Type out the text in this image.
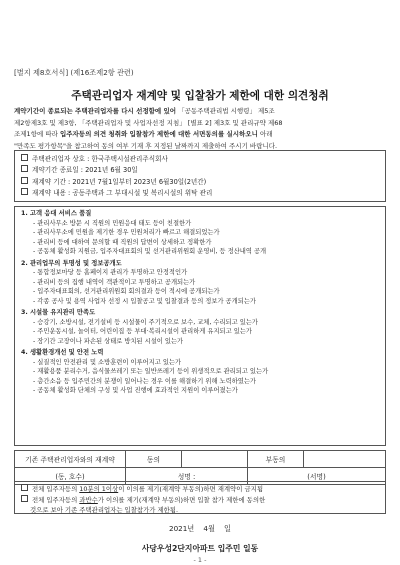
[별지 제8호서식] (제16조제2항 관련)
주택관리업자 재계약 및 입찰참가 제한에 대한 의견청취
계약기간이 종료되는 주택관리업자를 다시 선정함에 있어 「공동주택관리법 시행령」 제5조
제2항제3호 및 제3항, 「주택관리업자 및 사업자선정 지침」 [별표 2] 제3호 및 관리규약 제68
조제1항에 따라 입주자등의 의견 청취와 입찰참가 제한에 대한 서면동의를 실시하오니 아래
"만족도 평가항목"을 참고하여 동의 여부 기재 후 지정된 날짜까지 제출하여 주시기 바랍니다.
주택관리업자 상호 : 한국주택시설관리주식회사
계약기간 종료일 : 2021년 6월 30일
재계약 기간 : 2021년 7월1일부터 2023년 6월30일(2년간)
재계약 내용 : 공동주택과 그 부대시설 및 복리시설의 위탁 관리
1. 고객 응대 서비스 품질
- 관리사무소 방문 시 직원의 민원응대 태도 등이 친절한가
- 관리사무소에 민원을 제기한 경우 민원처리가 빠르고 해결되었는가
- 관리비 등에 대하여 문의할 때 직원의 답변이 상세하고 정확한가
- 공동체 활성화 지원금, 입주자대표회의 및 선거관리위원회 운영비, 등 정산내역 공개
2. 관리업무의 투명성 및 정보공개도
- 통합정보마당 등 홈페이지 관리가 투명하고 안정적인가
- 관리비 등의 집행 내역이 객관적이고 투명하고 공개되는가
- 입주자대표회의, 선거관리위원회 회의결과 등이 적시에 공개되는가
- 각종 공사 및 용역 사업자 선정 시 입찰공고 및 입찰결과 등의 정보가 공개되는가
3. 시설물 유지관리 만족도
- 승강기, 소방시설, 전기설비 등 시설물이 주기적으로 보수, 교체, 수리되고 있는가
- 주민운동시설, 놀이터, 어린이집 등 부대·복리시설이 관리하게 유지되고 있는가
- 장기간 고장이나 파손된 상태로 방치된 시설이 있는가
4. 생활환경개선 및 안전 노력
- 실질적인 안전관리 및 소방훈련이 이루어지고 있는가
- 재활용품 분리수거, 음식물쓰레기 또는 일반쓰레기 등이 위생적으로 관리되고 있는가
- 층간소음 등 입주민간의 분쟁이 일어나는 경우 이를 해결하기 위해 노력하였는가
- 공동체 활성화 단체의 구성 및 사업 진행에 효과적인 지원이 이루어졌는가
기존 주택관리업자와의 재계약	동의		부동의	
(동, 호수)	성명 :		(서명)	
전체 입주자등의 10분의 1이상이 이의를 제기(재계약 부동의)하면 재계약이 금지됨
전체 입주자등의 과반수가 이의를 제기(재계약 부동의)하면 입찰 참가 제한에 동의한
것으로 보아 기존 주택관리업자는 입찰참가가 제한됨.
2021년    4월    일
사당우성2단지아파트 입주민 일동
- 1 -
